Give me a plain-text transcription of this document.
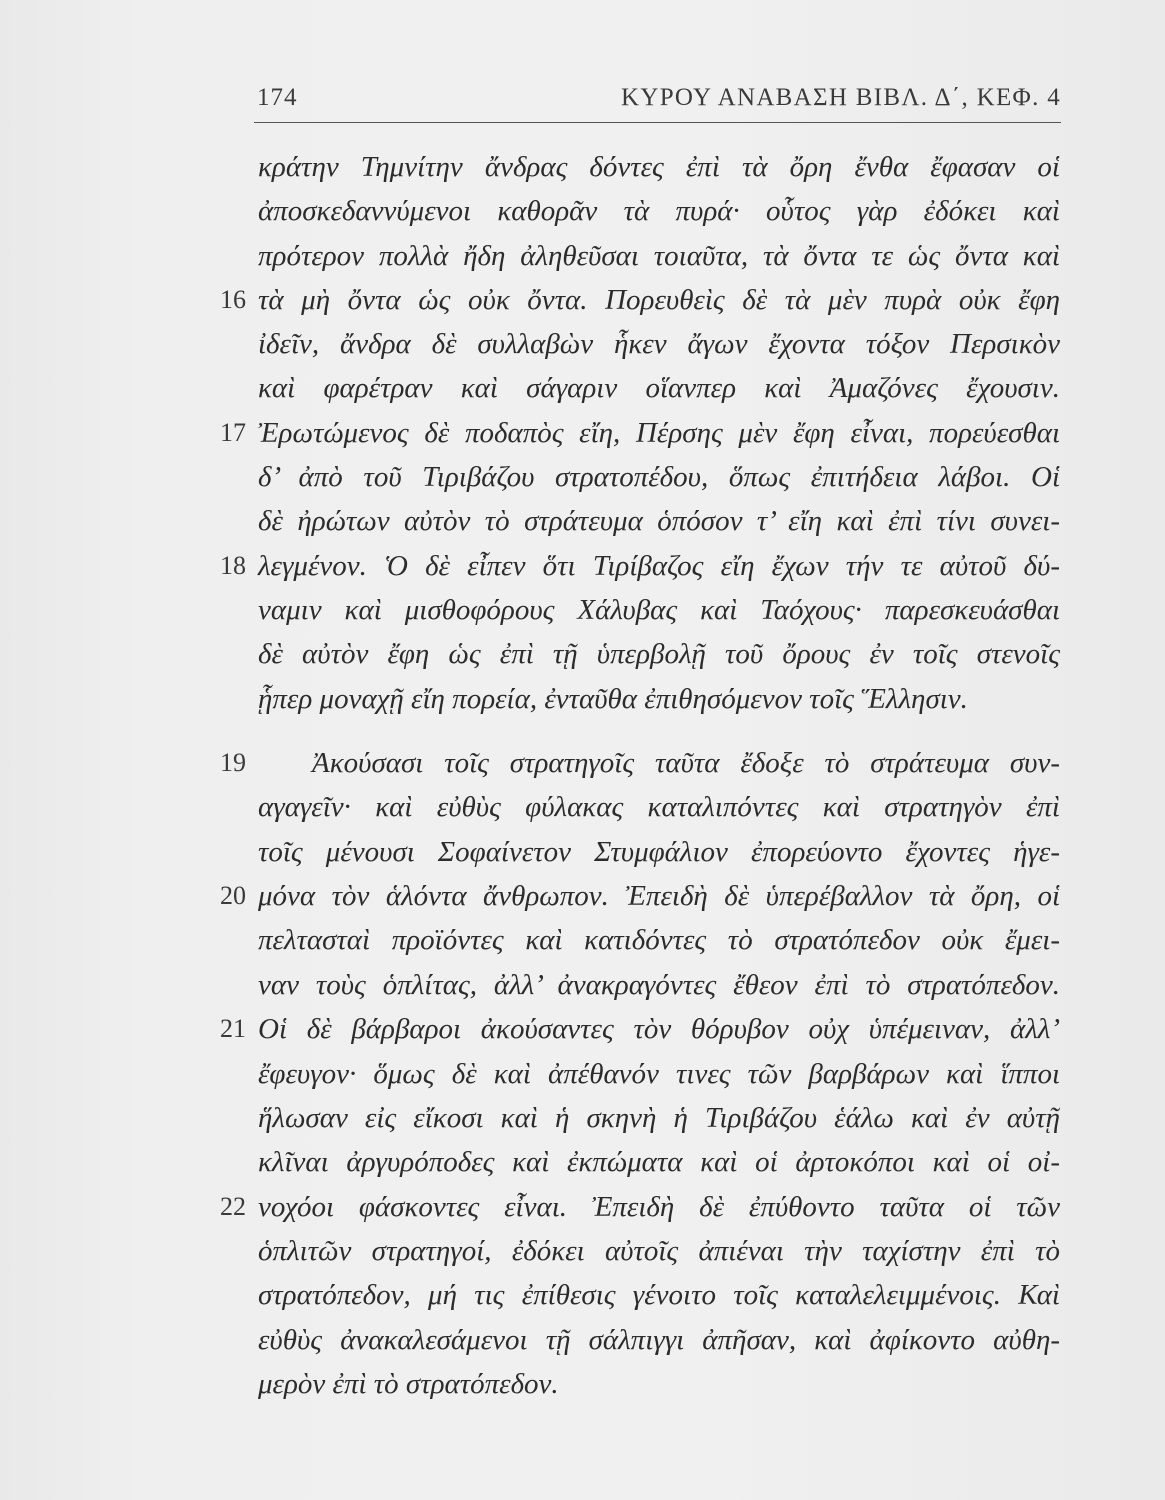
174	ΚΥΡΟΥ ΑΝΑΒΑΣΗ ΒΙΒΛ. Δ΄, ΚΕΦ. 4
κράτην Τημνίτην ἄνδρας δόντες ἐπὶ τὰ ὄρη ἔνθα ἔφασαν οἱ
ἀποσκεδαννύμενοι καθορᾶν τὰ πυρά· οὗτος γὰρ ἐδόκει καὶ
πρότερον πολλὰ ἤδη ἀληθεῦσαι τοιαῦτα, τὰ ὄντα τε ὡς ὄντα καὶ
16 τὰ μὴ ὄντα ὡς οὐκ ὄντα. Πορευθεὶς δὲ τὰ μὲν πυρὰ οὐκ ἔφη
ἰδεῖν, ἄνδρα δὲ συλλαβὼν ἧκεν ἄγων ἔχοντα τόξον Περσικὸν
καὶ φαρέτραν καὶ σάγαριν οἵανπερ καὶ Ἀμαζόνες ἔχουσιν.
17 Ἐρωτώμενος δὲ ποδαπὸς εἴη, Πέρσης μὲν ἔφη εἶναι, πορεύεσθαι
δ’ ἀπὸ τοῦ Τιριβάζου στρατοπέδου, ὅπως ἐπιτήδεια λάβοι. Οἱ
δὲ ἠρώτων αὐτὸν τὸ στράτευμα ὁπόσον τ’ εἴη καὶ ἐπὶ τίνι συνει-
18 λεγμένον. Ὁ δὲ εἶπεν ὅτι Τιρίβαζος εἴη ἔχων τήν τε αὐτοῦ δύ-
ναμιν καὶ μισθοφόρους Χάλυβας καὶ Ταόχους· παρεσκευάσθαι
δὲ αὐτὸν ἔφη ὡς ἐπὶ τῇ ὑπερβολῇ τοῦ ὄρους ἐν τοῖς στενοῖς
ᾗπερ μοναχῇ εἴη πορεία, ἐνταῦθα ἐπιθησόμενον τοῖς Ἕλλησιν.
19 Ἀκούσασι τοῖς στρατηγοῖς ταῦτα ἔδοξε τὸ στράτευμα συν-
αγαγεῖν· καὶ εὐθὺς φύλακας καταλιπόντες καὶ στρατηγὸν ἐπὶ
τοῖς μένουσι Σοφαίνετον Στυμφάλιον ἐπορεύοντο ἔχοντες ἡγε-
20 μόνα τὸν ἁλόντα ἄνθρωπον. Ἐπειδὴ δὲ ὑπερέβαλλον τὰ ὄρη, οἱ
πελτασταὶ προϊόντες καὶ κατιδόντες τὸ στρατόπεδον οὐκ ἔμει-
ναν τοὺς ὁπλίτας, ἀλλ’ ἀνακραγόντες ἔθεον ἐπὶ τὸ στρατόπεδον.
21 Οἱ δὲ βάρβαροι ἀκούσαντες τὸν θόρυβον οὐχ ὑπέμειναν, ἀλλ’
ἔφευγον· ὅμως δὲ καὶ ἀπέθανόν τινες τῶν βαρβάρων καὶ ἵπποι
ἥλωσαν εἰς εἴκοσι καὶ ἡ σκηνὴ ἡ Τιριβάζου ἑάλω καὶ ἐν αὐτῇ
κλῖναι ἀργυρόποδες καὶ ἐκπώματα καὶ οἱ ἀρτοκόποι καὶ οἱ οἰ-
22 νοχόοι φάσκοντες εἶναι. Ἐπειδὴ δὲ ἐπύθοντο ταῦτα οἱ τῶν
ὁπλιτῶν στρατηγοί, ἐδόκει αὐτοῖς ἀπιέναι τὴν ταχίστην ἐπὶ τὸ
στρατόπεδον, μή τις ἐπίθεσις γένοιτο τοῖς καταλελειμμένοις. Καὶ
εὐθὺς ἀνακαλεσάμενοι τῇ σάλπιγγι ἀπῆσαν, καὶ ἀφίκοντο αὐθη-
μερὸν ἐπὶ τὸ στρατόπεδον.
